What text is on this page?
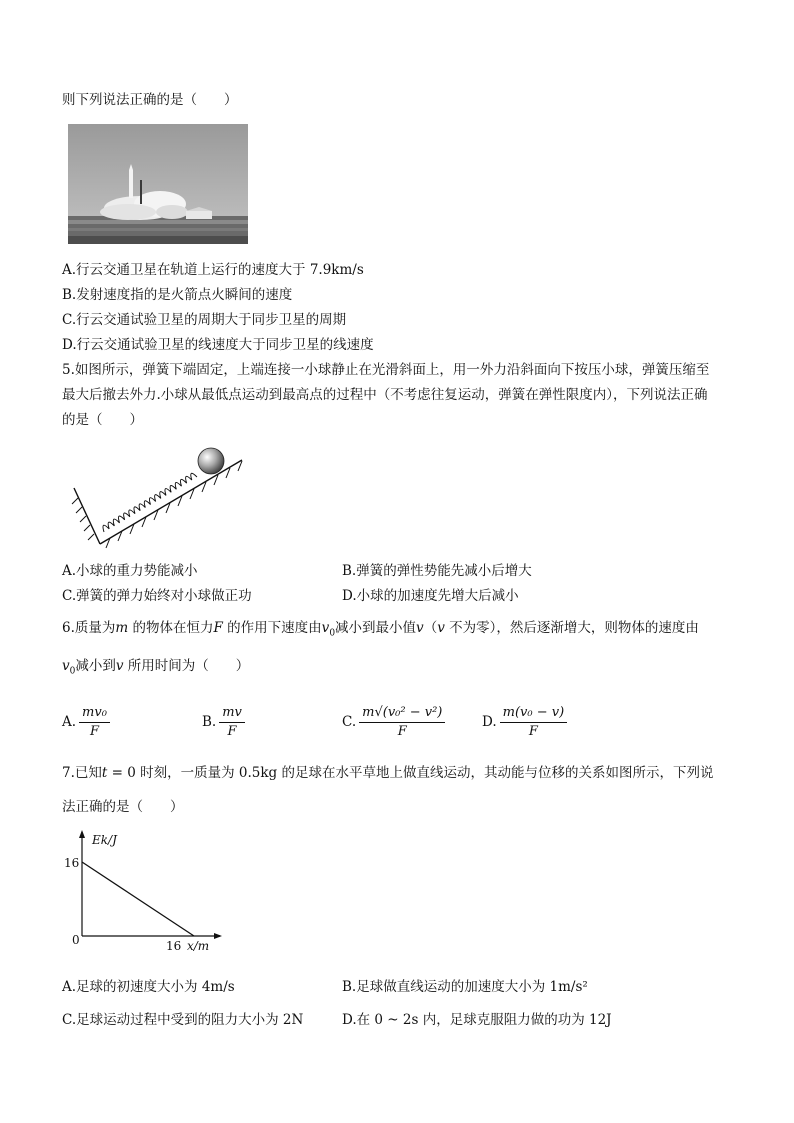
则下列说法正确的是（　　）
A.行云交通卫星在轨道上运行的速度大于 7.9km/s
B.发射速度指的是火箭点火瞬间的速度
C.行云交通试验卫星的周期大于同步卫星的周期
D.行云交通试验卫星的线速度大于同步卫星的线速度
5.如图所示，弹簧下端固定，上端连接一小球静止在光滑斜面上，用一外力沿斜面向下按压小球，弹簧压缩至
最大后撤去外力.小球从最低点运动到最高点的过程中（不考虑往复运动，弹簧在弹性限度内），下列说法正确
的是（　　）
A.小球的重力势能减小	B.弹簧的弹性势能先减小后增大
C.弹簧的弹力始终对小球做正功	D.小球的加速度先增大后减小
6.质量为m 的物体在恒力F 的作用下速度由$v_0$减小到最小值v（v 不为零），然后逐渐增大，则物体的速度由
$v_0$减小到v 所用时间为（　　）
A. $\frac{\text{mv₀}}{F}$	B. $\frac{mv}{F}$	C. $\frac{\text{m√(v₀² − v²)}}{F}$	D. $\frac{\text{m(v₀ − v)}}{F}$
7.已知t = 0 时刻，一质量为 0.5kg 的足球在水平草地上做直线运动，其动能与位移的关系如图所示，下列说
法正确的是（　　）
Ek/J
x/m
0
16
16
A.足球的初速度大小为 4m/s	B.足球做直线运动的加速度大小为 1m/s²
C.足球运动过程中受到的阻力大小为 2N	D.在 0 ~ 2s 内，足球克服阻力做的功为 12J
